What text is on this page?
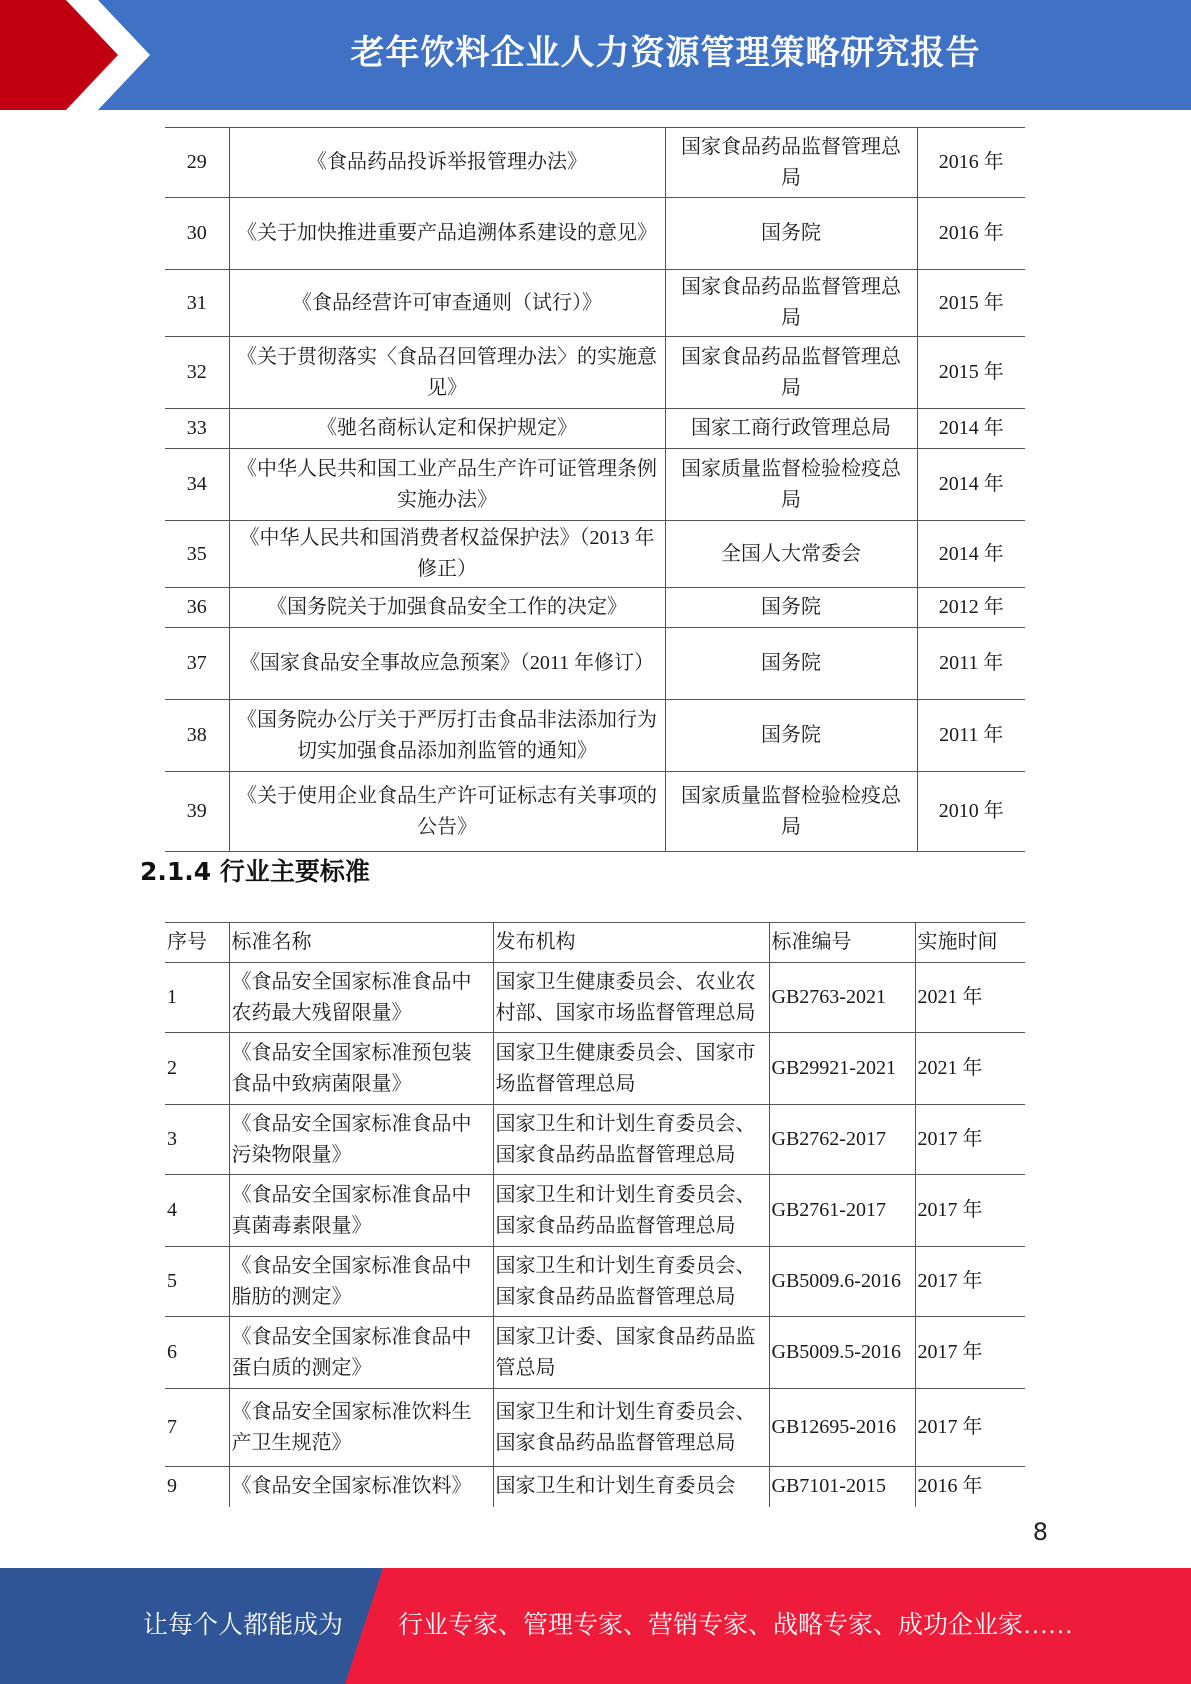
老年饮料企业人力资源管理策略研究报告
29	《食品药品投诉举报管理办法》	国家食品药品监督管理总局	2016 年
30	《关于加快推进重要产品追溯体系建设的意见》	国务院	2016 年
31	《食品经营许可审查通则（试行）》	国家食品药品监督管理总局	2015 年
32	《关于贯彻落实〈食品召回管理办法〉的实施意见》	国家食品药品监督管理总局	2015 年
33	《驰名商标认定和保护规定》	国家工商行政管理总局	2014 年
34	《中华人民共和国工业产品生产许可证管理条例实施办法》	国家质量监督检验检疫总局	2014 年
35	《中华人民共和国消费者权益保护法》（2013 年修正）	全国人大常委会	2014 年
36	《国务院关于加强食品安全工作的决定》	国务院	2012 年
37	《国家食品安全事故应急预案》（2011 年修订）	国务院	2011 年
38	《国务院办公厅关于严厉打击食品非法添加行为切实加强食品添加剂监管的通知》	国务院	2011 年
39	《关于使用企业食品生产许可证标志有关事项的公告》	国家质量监督检验检疫总局	2010 年
2.1.4 行业主要标准
序号	标准名称	发布机构	标准编号	实施时间
1	《食品安全国家标准食品中农药最大残留限量》	国家卫生健康委员会、农业农村部、国家市场监督管理总局	GB2763-2021	2021 年
2	《食品安全国家标准预包装食品中致病菌限量》	国家卫生健康委员会、国家市场监督管理总局	GB29921-2021	2021 年
3	《食品安全国家标准食品中污染物限量》	国家卫生和计划生育委员会、国家食品药品监督管理总局	GB2762-2017	2017 年
4	《食品安全国家标准食品中真菌毒素限量》	国家卫生和计划生育委员会、国家食品药品监督管理总局	GB2761-2017	2017 年
5	《食品安全国家标准食品中脂肪的测定》	国家卫生和计划生育委员会、国家食品药品监督管理总局	GB5009.6-2016	2017 年
6	《食品安全国家标准食品中蛋白质的测定》	国家卫计委、国家食品药品监管总局	GB5009.5-2016	2017 年
7	《食品安全国家标准饮料生产卫生规范》	国家卫生和计划生育委员会、国家食品药品监督管理总局	GB12695-2016	2017 年
9	《食品安全国家标准饮料》	国家卫生和计划生育委员会	GB7101-2015	2016 年
8
让每个人都能成为 行业专家、管理专家、营销专家、战略专家、成功企业家……
